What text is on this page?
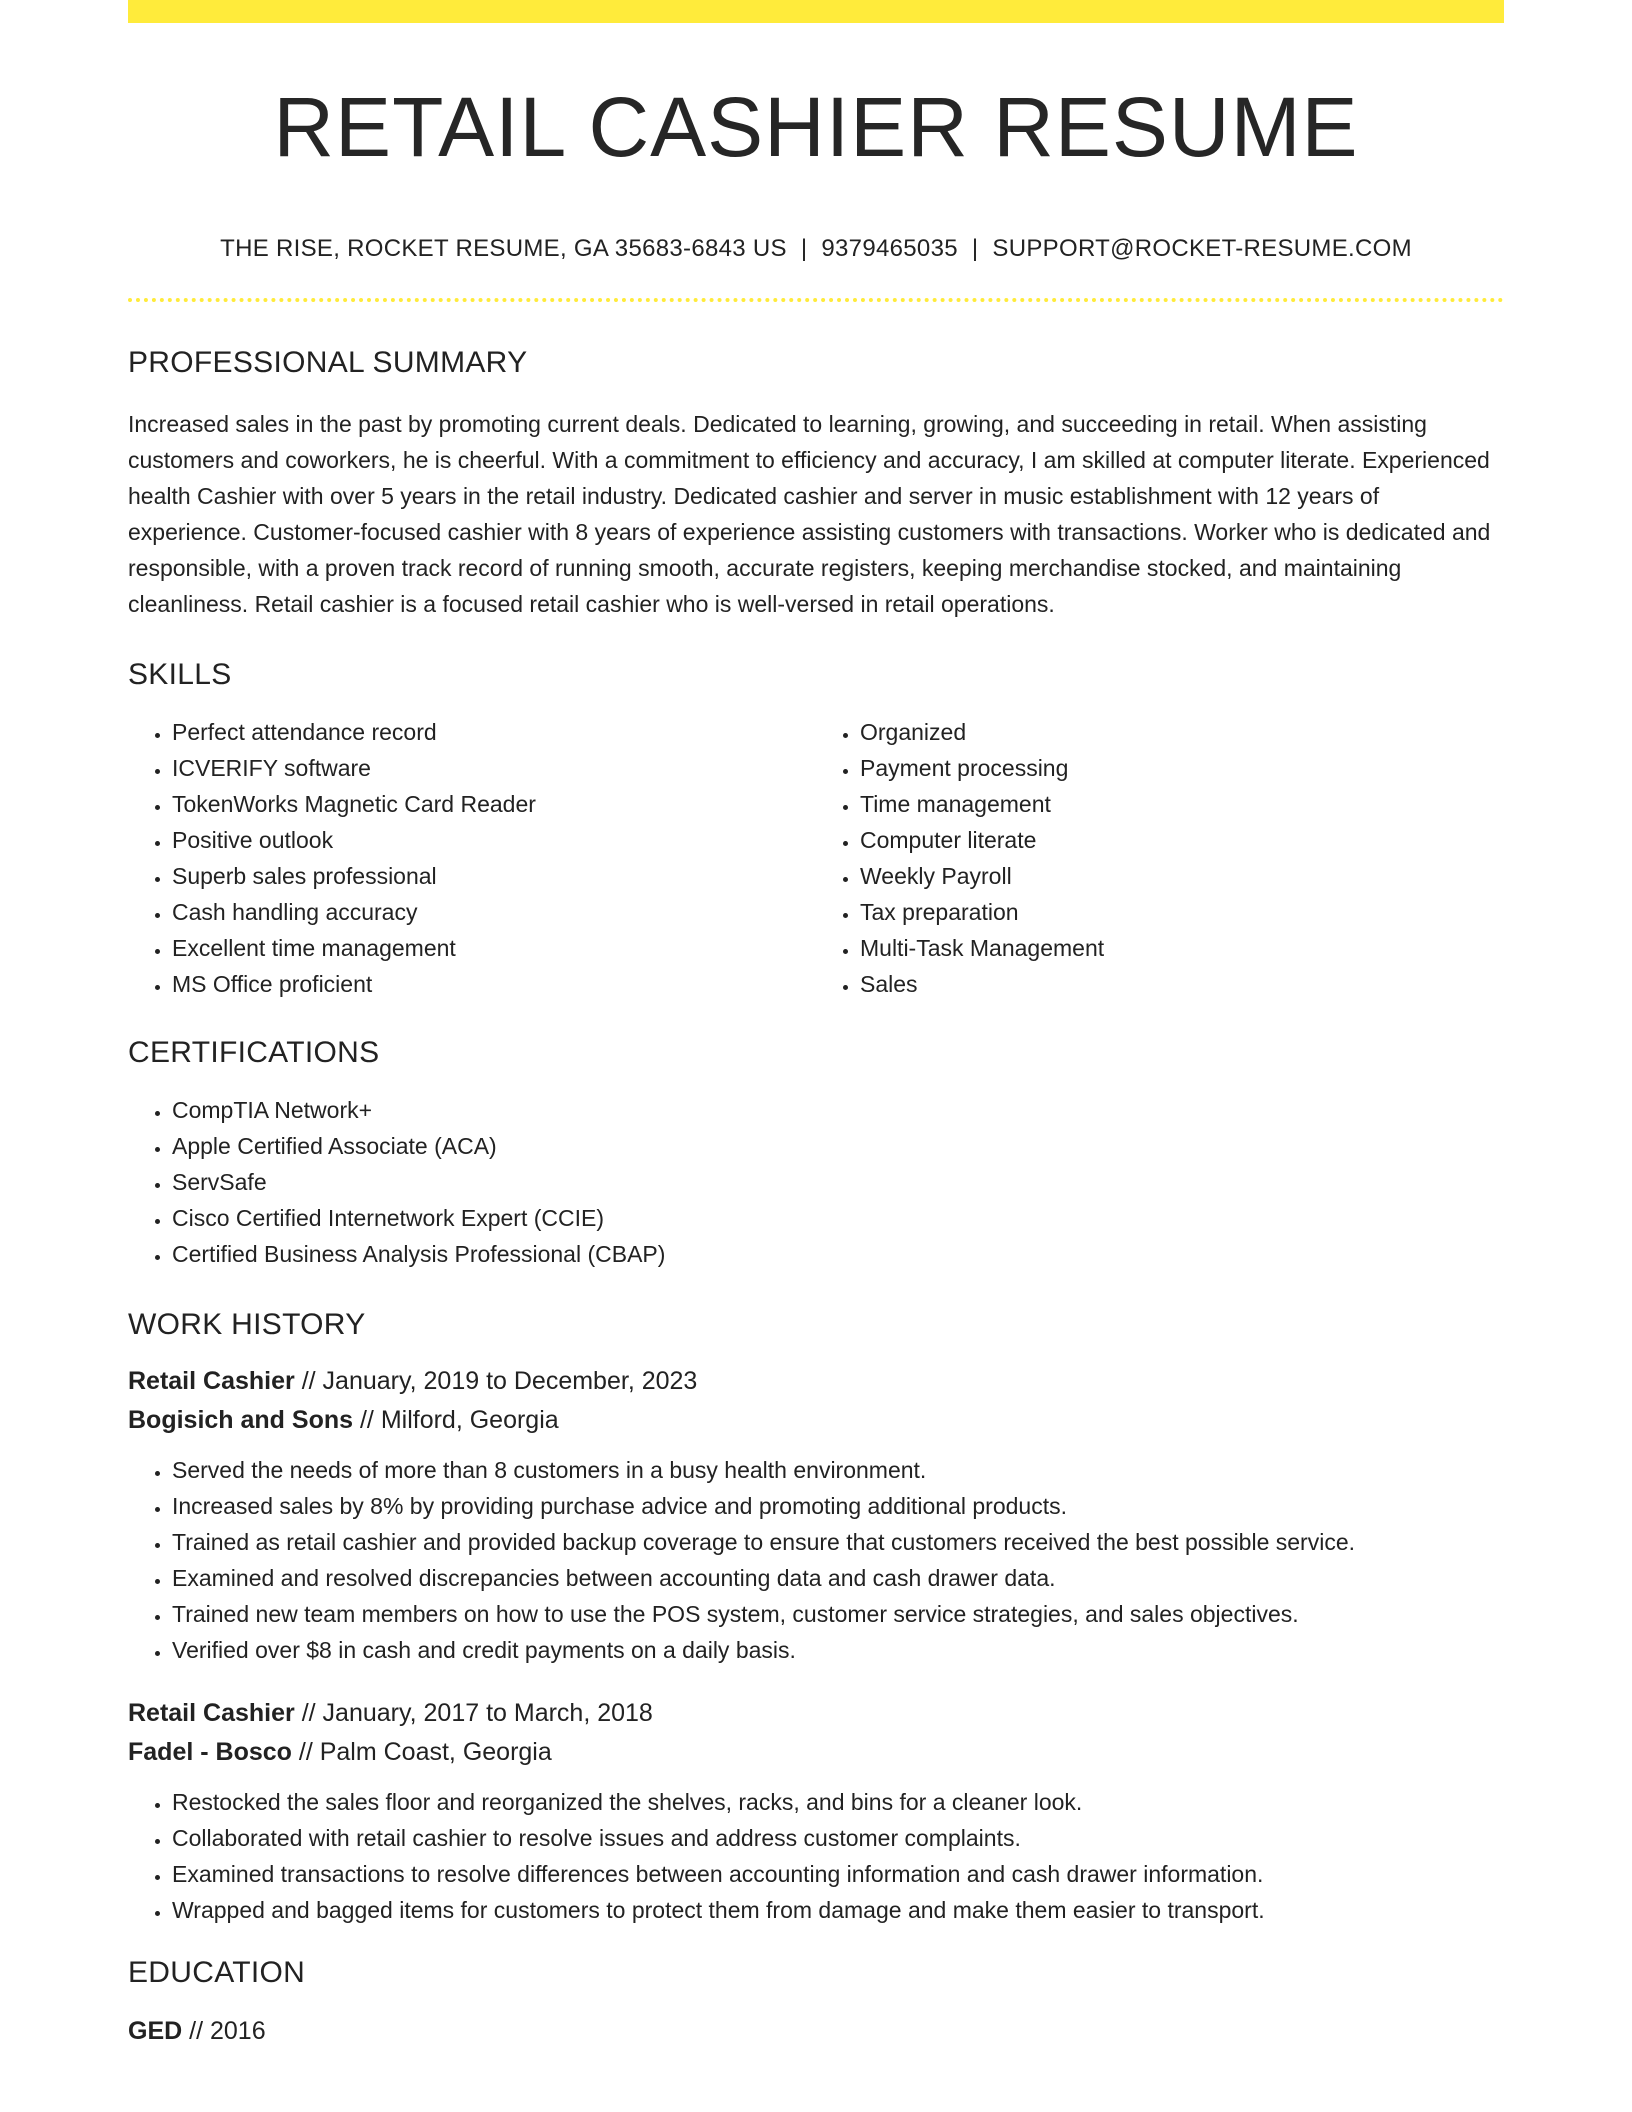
RETAIL CASHIER RESUME
THE RISE, ROCKET RESUME, GA 35683-6843 US | 9379465035 | SUPPORT@ROCKET-RESUME.COM
PROFESSIONAL SUMMARY

Increased sales in the past by promoting current deals. Dedicated to learning, growing, and succeeding in retail. When assisting customers and coworkers, he is cheerful. With a commitment to efficiency and accuracy, I am skilled at computer literate. Experienced health Cashier with over 5 years in the retail industry. Dedicated cashier and server in music establishment with 12 years of experience. Customer-focused cashier with 8 years of experience assisting customers with transactions. Worker who is dedicated and responsible, with a proven track record of running smooth, accurate registers, keeping merchandise stocked, and maintaining cleanliness. Retail cashier is a focused retail cashier who is well-versed in retail operations.

SKILLS
• Perfect attendance record
• ICVERIFY software
• TokenWorks Magnetic Card Reader
• Positive outlook
• Superb sales professional
• Cash handling accuracy
• Excellent time management
• MS Office proficient
• Organized
• Payment processing
• Time management
• Computer literate
• Weekly Payroll
• Tax preparation
• Multi-Task Management
• Sales
CERTIFICATIONS
• CompTIA Network+
• Apple Certified Associate (ACA)
• ServSafe
• Cisco Certified Internetwork Expert (CCIE)
• Certified Business Analysis Professional (CBAP)
WORK HISTORY
Retail Cashier // January, 2019 to December, 2023
Bogisich and Sons // Milford, Georgia
• Served the needs of more than 8 customers in a busy health environment.
• Increased sales by 8% by providing purchase advice and promoting additional products.
• Trained as retail cashier and provided backup coverage to ensure that customers received the best possible service.
• Examined and resolved discrepancies between accounting data and cash drawer data.
• Trained new team members on how to use the POS system, customer service strategies, and sales objectives.
• Verified over $8 in cash and credit payments on a daily basis.
Retail Cashier // January, 2017 to March, 2018
Fadel - Bosco // Palm Coast, Georgia
• Restocked the sales floor and reorganized the shelves, racks, and bins for a cleaner look.
• Collaborated with retail cashier to resolve issues and address customer complaints.
• Examined transactions to resolve differences between accounting information and cash drawer information.
• Wrapped and bagged items for customers to protect them from damage and make them easier to transport.
EDUCATION
GED // 2016
